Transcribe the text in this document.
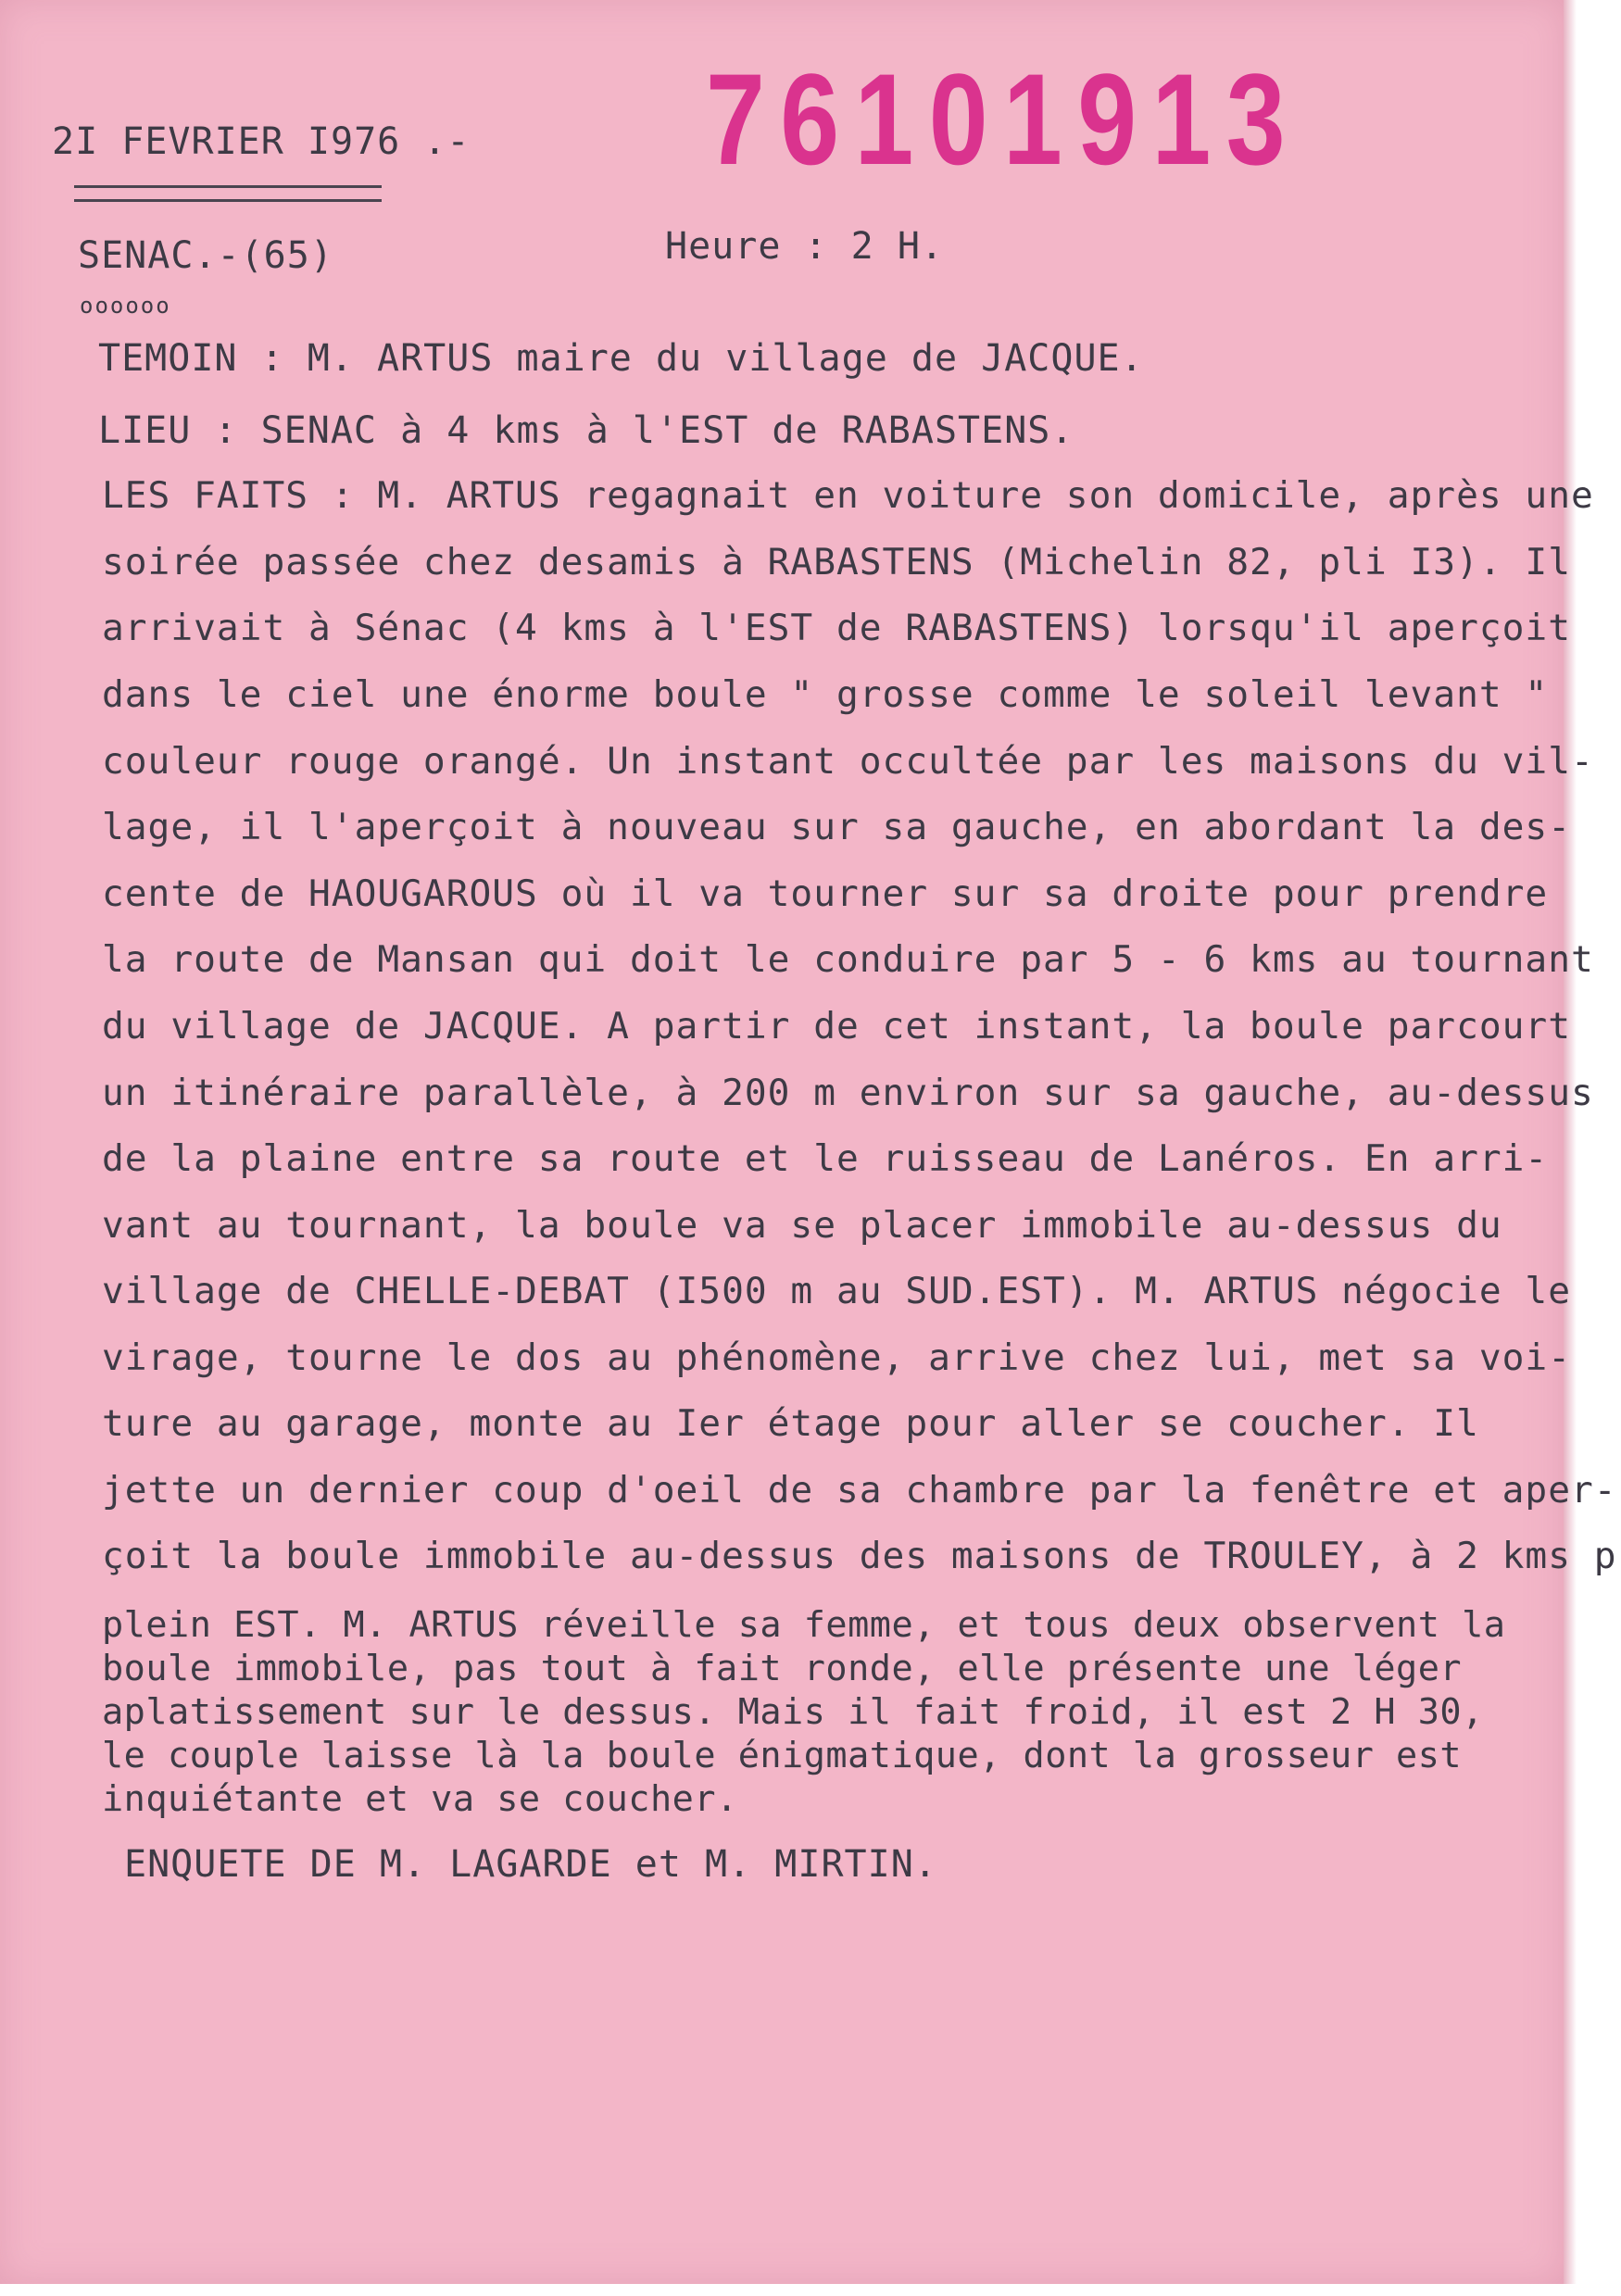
2I FEVRIER I976 .- 76101913
SENAC.-(65)	Heure : 2 H.
oooooo
TEMOIN : M. ARTUS maire du village de JACQUE.
LIEU : SENAC à 4 kms à l'EST de RABASTENS.
LES FAITS : M. ARTUS regagnait en voiture son domicile, après une
soirée passée chez desamis à RABASTENS (Michelin 82, pli I3). Il
arrivait à Sénac (4 kms à l'EST de RABASTENS) lorsqu'il aperçoit
dans le ciel une énorme boule " grosse comme le soleil levant "
couleur rouge orangé. Un instant occultée par les maisons du vil-
lage, il l'aperçoit à nouveau sur sa gauche, en abordant la des-
cente de HAOUGAROUS où il va tourner sur sa droite pour prendre
la route de Mansan qui doit le conduire par 5 - 6 kms au tournant
du village de JACQUE. A partir de cet instant, la boule parcourt
un itinéraire parallèle, à 200 m environ sur sa gauche, au-dessus
de la plaine entre sa route et le ruisseau de Lanéros. En arri-
vant au tournant, la boule va se placer immobile au-dessus du
village de CHELLE-DEBAT (I500 m au SUD.EST). M. ARTUS négocie le
virage, tourne le dos au phénomène, arrive chez lui, met sa voi-
ture au garage, monte au Ier étage pour aller se coucher. Il
jette un dernier coup d'oeil de sa chambre par la fenêtre et aper-
çoit la boule immobile au-dessus des maisons de TROULEY, à 2 kms p
plein EST. M. ARTUS réveille sa femme, et tous deux observent la
boule immobile, pas tout à fait ronde, elle présente une léger
aplatissement sur le dessus. Mais il fait froid, il est 2 H 30,
le couple laisse là la boule énigmatique, dont la grosseur est
inquiétante et va se coucher.
ENQUETE DE M. LAGARDE et M. MIRTIN.
